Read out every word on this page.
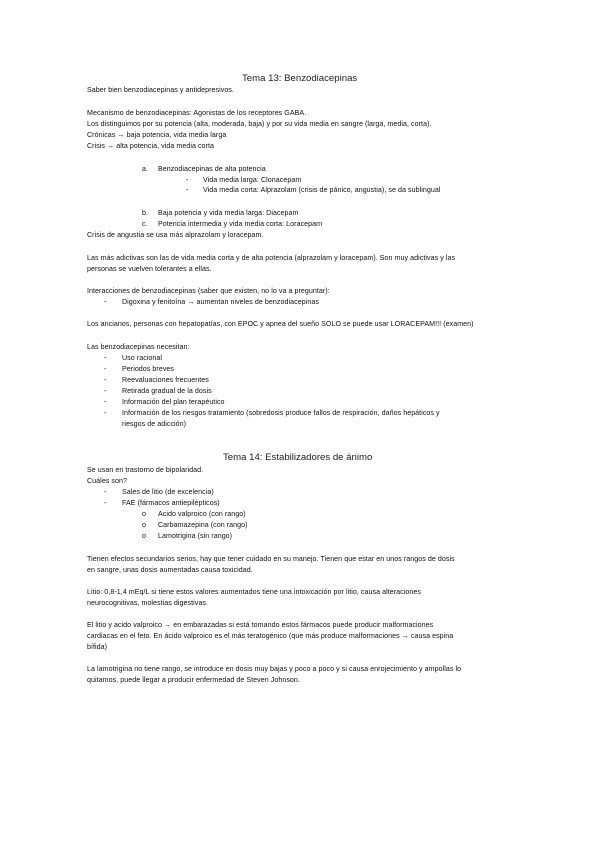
Tema 13: Benzodiacepinas
Saber bien benzodiacepinas y antidepresivos.
Mecanismo de benzodiacepinas: Agonistas de los receptores GABA.
Los distinguimos por su potencia (alta, moderada, baja) y por su vida media en sangre (larga, media, corta).
Crónicas → baja potencia, vida media larga
Crisis → alta potencia, vida media corta
a. Benzodiacepinas de alta potencia
- Vida media larga: Clonacepam
- Vida media corta: Alprazolam (crisis de pánico, angustia), se da sublingual
b. Baja potencia y vida media larga: Diacepam
c. Potencia intermedia y vida media corta: Loracepam
Crisis de angustia se usa más alprazolam y loracepam.
Las más adictivas son las de vida media corta y de alta potencia (alprazolam y loracepam). Son muy adictivas y las
personas se vuelven tolerantes a ellas.
Interacciones de benzodiacepinas (saber que existen, no lo va a preguntar):
- Digoxina y fenitoína → aumentan niveles de benzodiacepinas
Los ancianos, personas con hepatopatías, con EPOC y apnea del sueño SOLO se puede usar LORACEPAM!!! (examen)
Las benzodiacepinas necesitan:
- Uso racional
- Periodos breves
- Reevaluaciones frecuentes
- Retirada gradual de la dosis
- Información del plan terapéutico
- Información de los riesgos tratamiento (sobredosis produce fallos de respiración, daños hepáticos y
riesgos de adicción)
Tema 14: Estabilizadores de ánimo
Se usan en trastorno de bipolaridad.
Cuáles son?
- Sales de litio (de excelencia)
- FAE (fármacos antiepilépticos)
o Acido valproico (con rango)
o Carbamazepina (con rango)
o Lamotrigina (sin rango)
Tienen efectos secundarios serios, hay que tener cuidado en su manejo. Tienen que estar en unos rangos de dosis
en sangre, unas dosis aumentadas causa toxicidad.
Litio: 0,8-1,4 mEq/L si tiene estos valores aumentados tiene una intoxicación por litio, causa alteraciones
neurocognitivas, molestias digestivas.
El litio y acido valproico → en embarazadas si está tomando estos fármacos puede producir malformaciones
cardiacas en el feto. En ácido valproico es el más teratogénico (que más produce malformaciones → causa espina
bífida)
La lamotrigina no tiene rango, se introduce en dosis muy bajas y poco a poco y si causa enrojecimiento y ampollas lo
quitamos, puede llegar a producir enfermedad de Steven Johnson.
